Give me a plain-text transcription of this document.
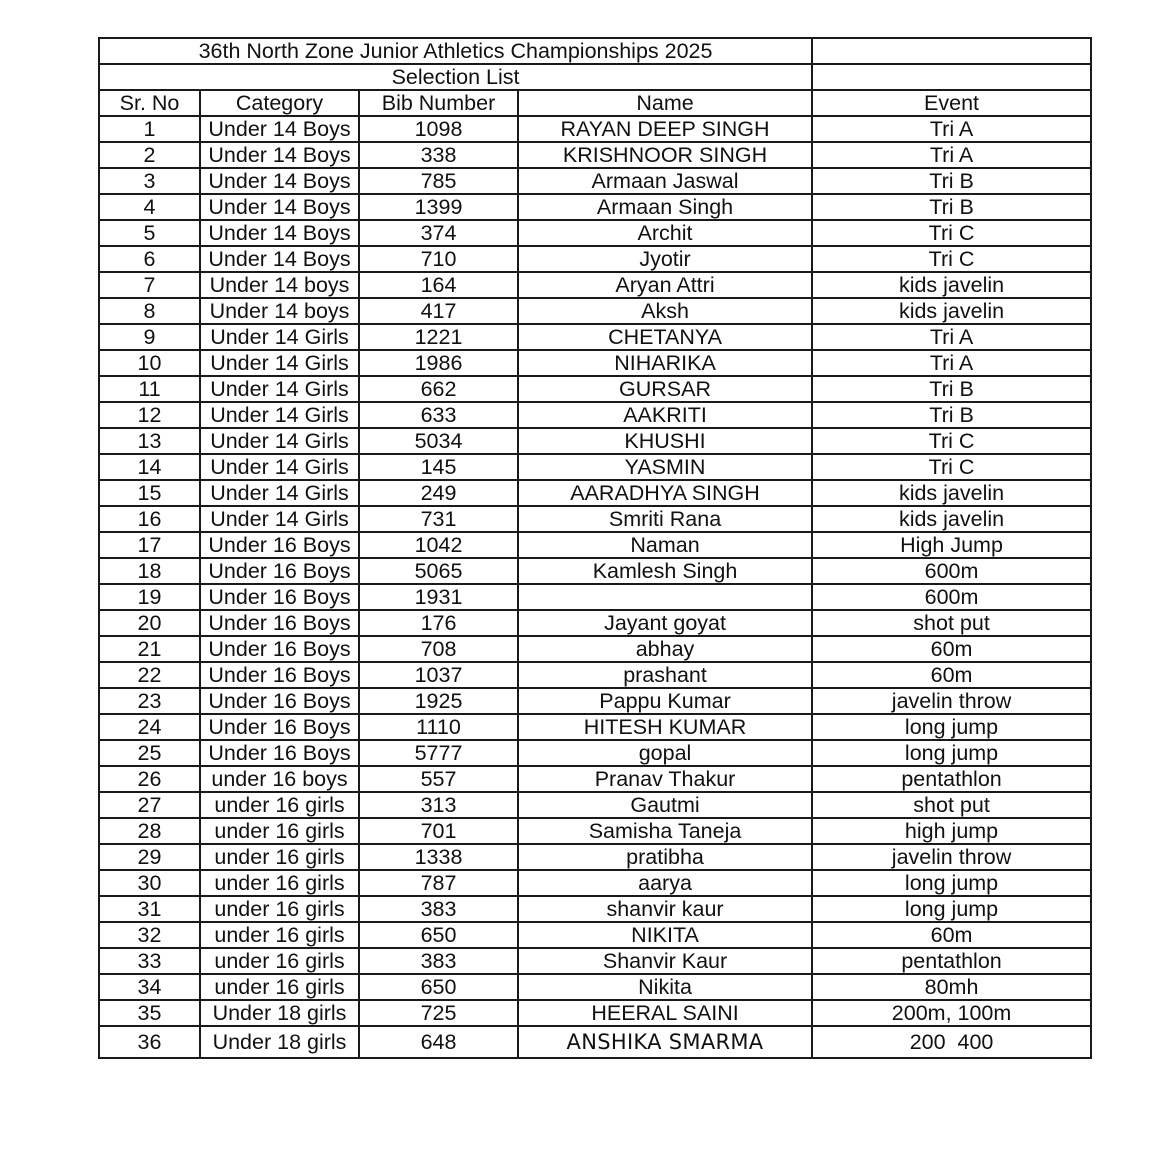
36th North Zone Junior Athletics Championships 2025				
Selection List				
Sr. No	Category	Bib Number	Name	Event
1	Under 14 Boys	1098	RAYAN DEEP SINGH	Tri A
2	Under 14 Boys	338	KRISHNOOR SINGH	Tri A
3	Under 14 Boys	785	Armaan Jaswal	Tri B
4	Under 14 Boys	1399	Armaan Singh	Tri B
5	Under 14 Boys	374	Archit	Tri C
6	Under 14 Boys	710	Jyotir	Tri C
7	Under 14 boys	164	Aryan Attri	kids javelin
8	Under 14 boys	417	Aksh	kids javelin
9	Under 14 Girls	1221	CHETANYA	Tri A
10	Under 14 Girls	1986	NIHARIKA	Tri A
11	Under 14 Girls	662	GURSAR	Tri B
12	Under 14 Girls	633	AAKRITI	Tri B
13	Under 14 Girls	5034	KHUSHI	Tri C
14	Under 14 Girls	145	YASMIN	Tri C
15	Under 14 Girls	249	AARADHYA SINGH	kids javelin
16	Under 14 Girls	731	Smriti Rana	kids javelin
17	Under 16 Boys	1042	Naman	High Jump
18	Under 16 Boys	5065	Kamlesh Singh	600m
19	Under 16 Boys	1931		600m
20	Under 16 Boys	176	Jayant goyat	shot put
21	Under 16 Boys	708	abhay	60m
22	Under 16 Boys	1037	prashant	60m
23	Under 16 Boys	1925	Pappu Kumar	javelin throw
24	Under 16 Boys	1110	HITESH KUMAR	long jump
25	Under 16 Boys	5777	gopal	long jump
26	under 16 boys	557	Pranav Thakur	pentathlon
27	under 16 girls	313	Gautmi	shot put
28	under 16 girls	701	Samisha Taneja	high jump
29	under 16 girls	1338	pratibha	javelin throw
30	under 16 girls	787	aarya	long jump
31	under 16 girls	383	shanvir kaur	long jump
32	under 16 girls	650	NIKITA	60m
33	under 16 girls	383	Shanvir Kaur	pentathlon
34	under 16 girls	650	Nikita	80mh
35	Under 18 girls	725	HEERAL SAINI	200m, 100m
36	Under 18 girls	648	ANSHIKA SMARMA	200  400
